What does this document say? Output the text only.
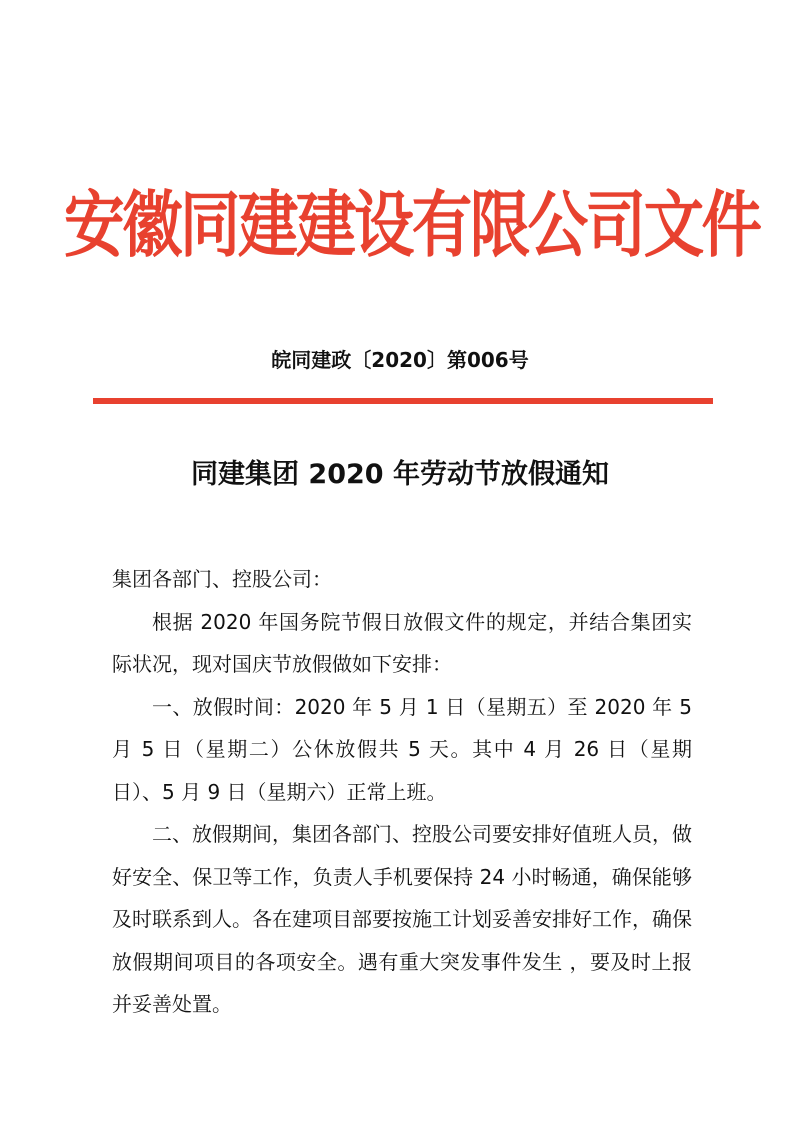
安徽同建建设有限公司文件
皖同建政〔2020〕第006号
同建集团 2020 年劳动节放假通知

集团各部门、控股公司：

根据 2020 年国务院节假日放假文件的规定，并结合集团实际状况，现对国庆节放假做如下安排：

一、放假时间：2020 年 5 月 1 日（星期五）至 2020 年 5 月 5 日（星期二）公休放假共 5 天。其中 4 月 26 日（星期日）、5 月 9 日（星期六）正常上班。

二、放假期间，集团各部门、控股公司要安排好值班人员，做好安全、保卫等工作，负责人手机要保持 24 小时畅通，确保能够及时联系到人。各在建项目部要按施工计划妥善安排好工作，确保放假期间项目的各项安全。遇有重大突发事件发生 ，要及时上报并妥善处置。
